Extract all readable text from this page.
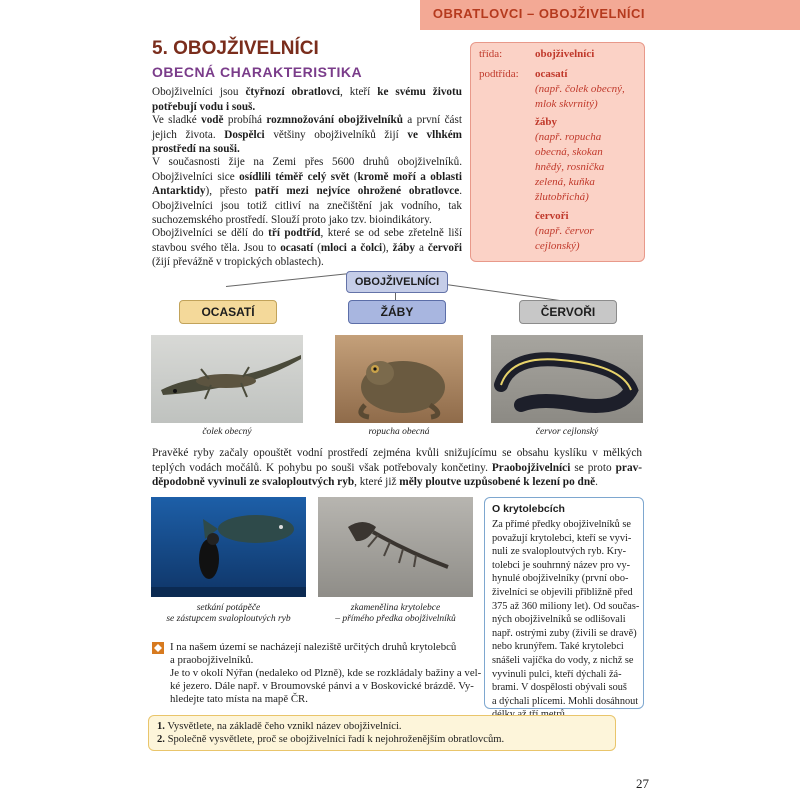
OBRATLOVCI – OBOJŽIVELNÍCI
5. OBOJŽIVELNÍCI
OBECNÁ CHARAKTERISTIKA
Obojživelníci jsou čtyřnozí obratlovci, kteří ke svému životu potřebují vodu i souš.
Ve sladké vodě probíhá rozmnožování obojživelníků a první část jejich života. Dospělci většiny obojživelníků žijí ve vlhkém prostředí na souši.
V současnosti žije na Zemi přes 5600 druhů obojživelníků. Obojživelníci sice osídlili téměř celý svět (kromě moří a oblasti Antarktidy), přesto patří mezi nejvíce ohrožené obratlovce. Obojživelníci jsou totiž citliví na znečištění jak vodního, tak suchozemského prostředí. Slouží proto jako tzv. bioindikátory.
Obojživelníci se dělí do tří podtříd, které se od sebe zřetelně liší stavbou svého těla. Jsou to ocasatí (mloci a čolci), žáby a červoři (žijí převážně v tropických oblastech).
třída:	obojživelníci
podtřída: ocasatí
(např. čolek obecný,
mlok skvrnitý)
žáby
(např. ropucha
obecná, skokan
hnědý, rosnička
zelená, kuňka
žlutobřichá)
červoři
(např. červor
cejlonský)
OBOJŽIVELNÍCI
OCASATÍ	ŽÁBY	ČERVOŘI
čolek obecný	ropucha obecná	červor cejlonský
Pravěké ryby začaly opouštět vodní prostředí zejména kvůli snižujícímu se obsahu kyslíku v mělkých teplých vodách močálů. K pohybu po souši však potřebovaly končetiny. Praobojživelníci se proto prav-děpodobně vyvinuli ze svaloploutvých ryb, které již měly ploutve uzpůsobené k lezení po dně.
setkání potápěče
se zástupcem svaloploutvých ryb
zkamenělina krytolebce
– přímého předka obojživelníků
O krytolebcích
Za přímé předky obojživelníků se
považují krytolebci, kteří se vyvi-
nuli ze svaloploutvých ryb. Kry-
tolebci je souhrnný název pro vy-
hynulé obojživelníky (první obo-
živelníci se objevili přibližně před
375 až 360 miliony let). Od součas-
ných obojživelníků se odlišovali
např. ostrými zuby (živili se dravě)
nebo krunýřem. Také krytolebci
snášeli vajíčka do vody, z nichž se
vyvinuli pulci, kteří dýchali žá-
brami. V dospělosti obývali souš
a dýchali plícemi. Mohli dosáhnout
I na našem území se nacházejí naleziště určitých druhů krytolebců
a praobojživelníků.
Je to v okolí Nýřan (nedaleko od Plzně), kde se rozkládaly bažiny a vel-
ké jezero. Dále např. v Broumovské pánvi a v Boskovické brázdě. Vy-
hledejte tato místa na mapě ČR.
1. Vysvětlete, na základě čeho vznikl název obojživelníci.
2. Společně vysvětlete, proč se obojživelníci řadí k nejohroženějším obratlovcům.
27
